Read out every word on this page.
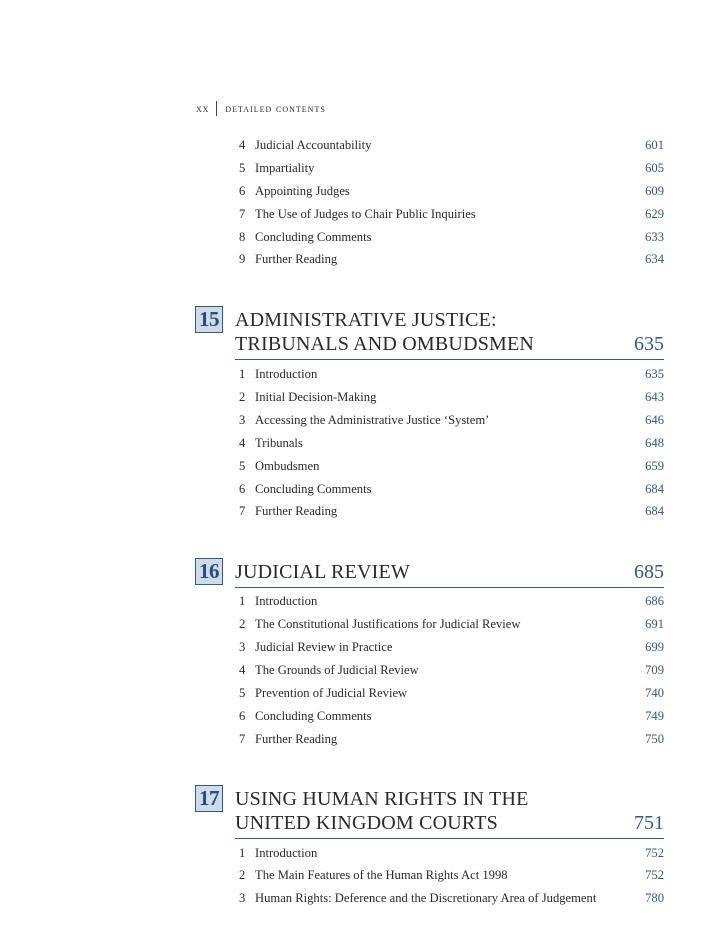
xx detailed contents
4 Judicial Accountability	601
5 Impartiality	605
6 Appointing Judges	609
7 The Use of Judges to Chair Public Inquiries	629
8 Concluding Comments	633
9 Further Reading	634
15 ADMINISTRATIVE JUSTICE:
TRIBUNALS AND OMBUDSMEN	635
1 Introduction	635
2 Initial Decision-Making	643
3 Accessing the Administrative Justice ‘System’	646
4 Tribunals	648
5 Ombudsmen	659
6 Concluding Comments	684
7 Further Reading	684
16 JUDICIAL REVIEW	685
1 Introduction	686
2 The Constitutional Justifications for Judicial Review	691
3 Judicial Review in Practice	699
4 The Grounds of Judicial Review	709
5 Prevention of Judicial Review	740
6 Concluding Comments	749
7 Further Reading	750
17 USING HUMAN RIGHTS IN THE
UNITED KINGDOM COURTS	751
1 Introduction	752
2 The Main Features of the Human Rights Act 1998	752
3 Human Rights: Deference and the Discretionary Area of Judgement	780
